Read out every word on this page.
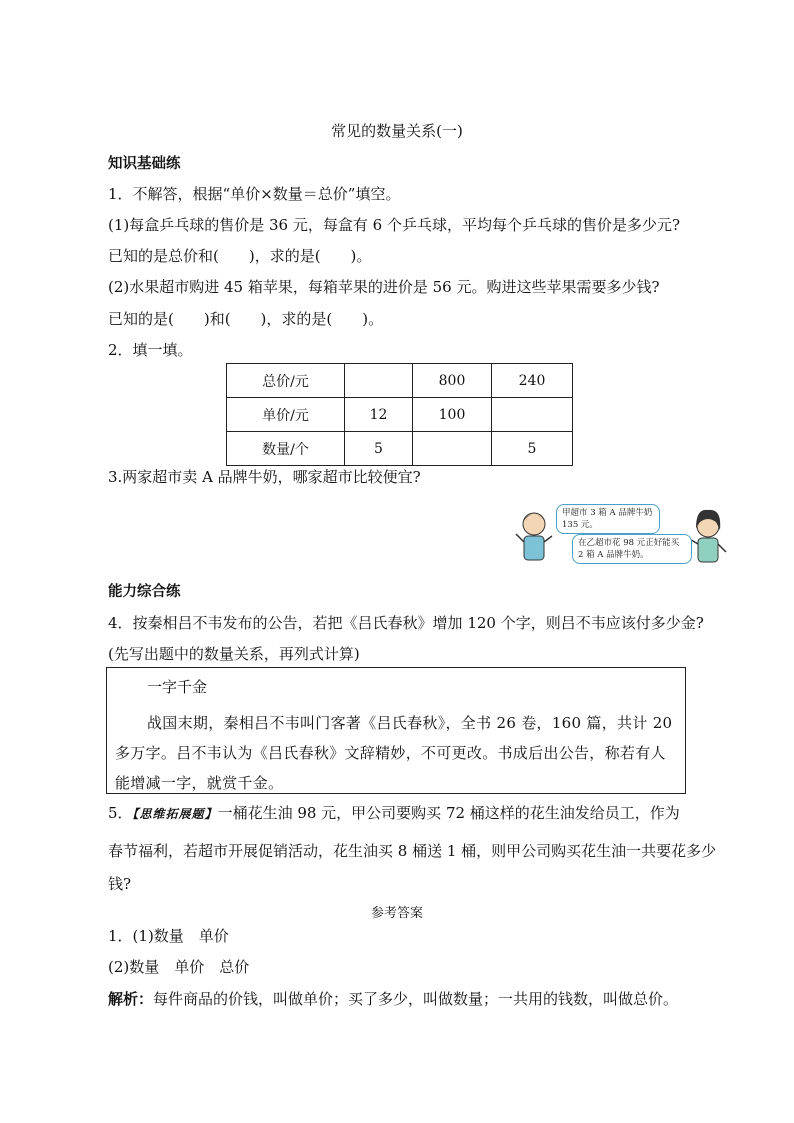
常见的数量关系(一)
知识基础练
1．不解答，根据“单价×数量＝总价”填空。
(1)每盒乒乓球的售价是 36 元，每盒有 6 个乒乓球，平均每个乒乓球的售价是多少元?
已知的是总价和(　　)，求的是(　　)。
(2)水果超市购进 45 箱苹果，每箱苹果的进价是 56 元。购进这些苹果需要多少钱?
已知的是(　　)和(　　)，求的是(　　)。
2．填一填。
总价/元		800	240
单价/元	12	100	
数量/个	5		5
3.两家超市卖 A 品牌牛奶，哪家超市比较便宜?
甲超市 3 箱 A 品牌牛奶 135 元。
在乙超市花 98 元正好能买 2 箱 A 品牌牛奶。
能力综合练
4．按秦相吕不韦发布的公告，若把《吕氏春秋》增加 120 个字，则吕不韦应该付多少金?
(先写出题中的数量关系，再列式计算)
一字千金
战国末期，秦相吕不韦叫门客著《吕氏春秋》，全书 26 卷，160 篇，共计 20 多万字。吕不韦认为《吕氏春秋》文辞精妙，不可更改。书成后出公告，称若有人能增减一字，就赏千金。
5．【思维拓展题】一桶花生油 98 元，甲公司要购买 72 桶这样的花生油发给员工，作为
春节福利，若超市开展促销活动，花生油买 8 桶送 1 桶，则甲公司购买花生油一共要花多少
钱?
参考答案
1．(1)数量　单价
(2)数量　单价　总价
解析：每件商品的价钱，叫做单价；买了多少，叫做数量；一共用的钱数，叫做总价。
